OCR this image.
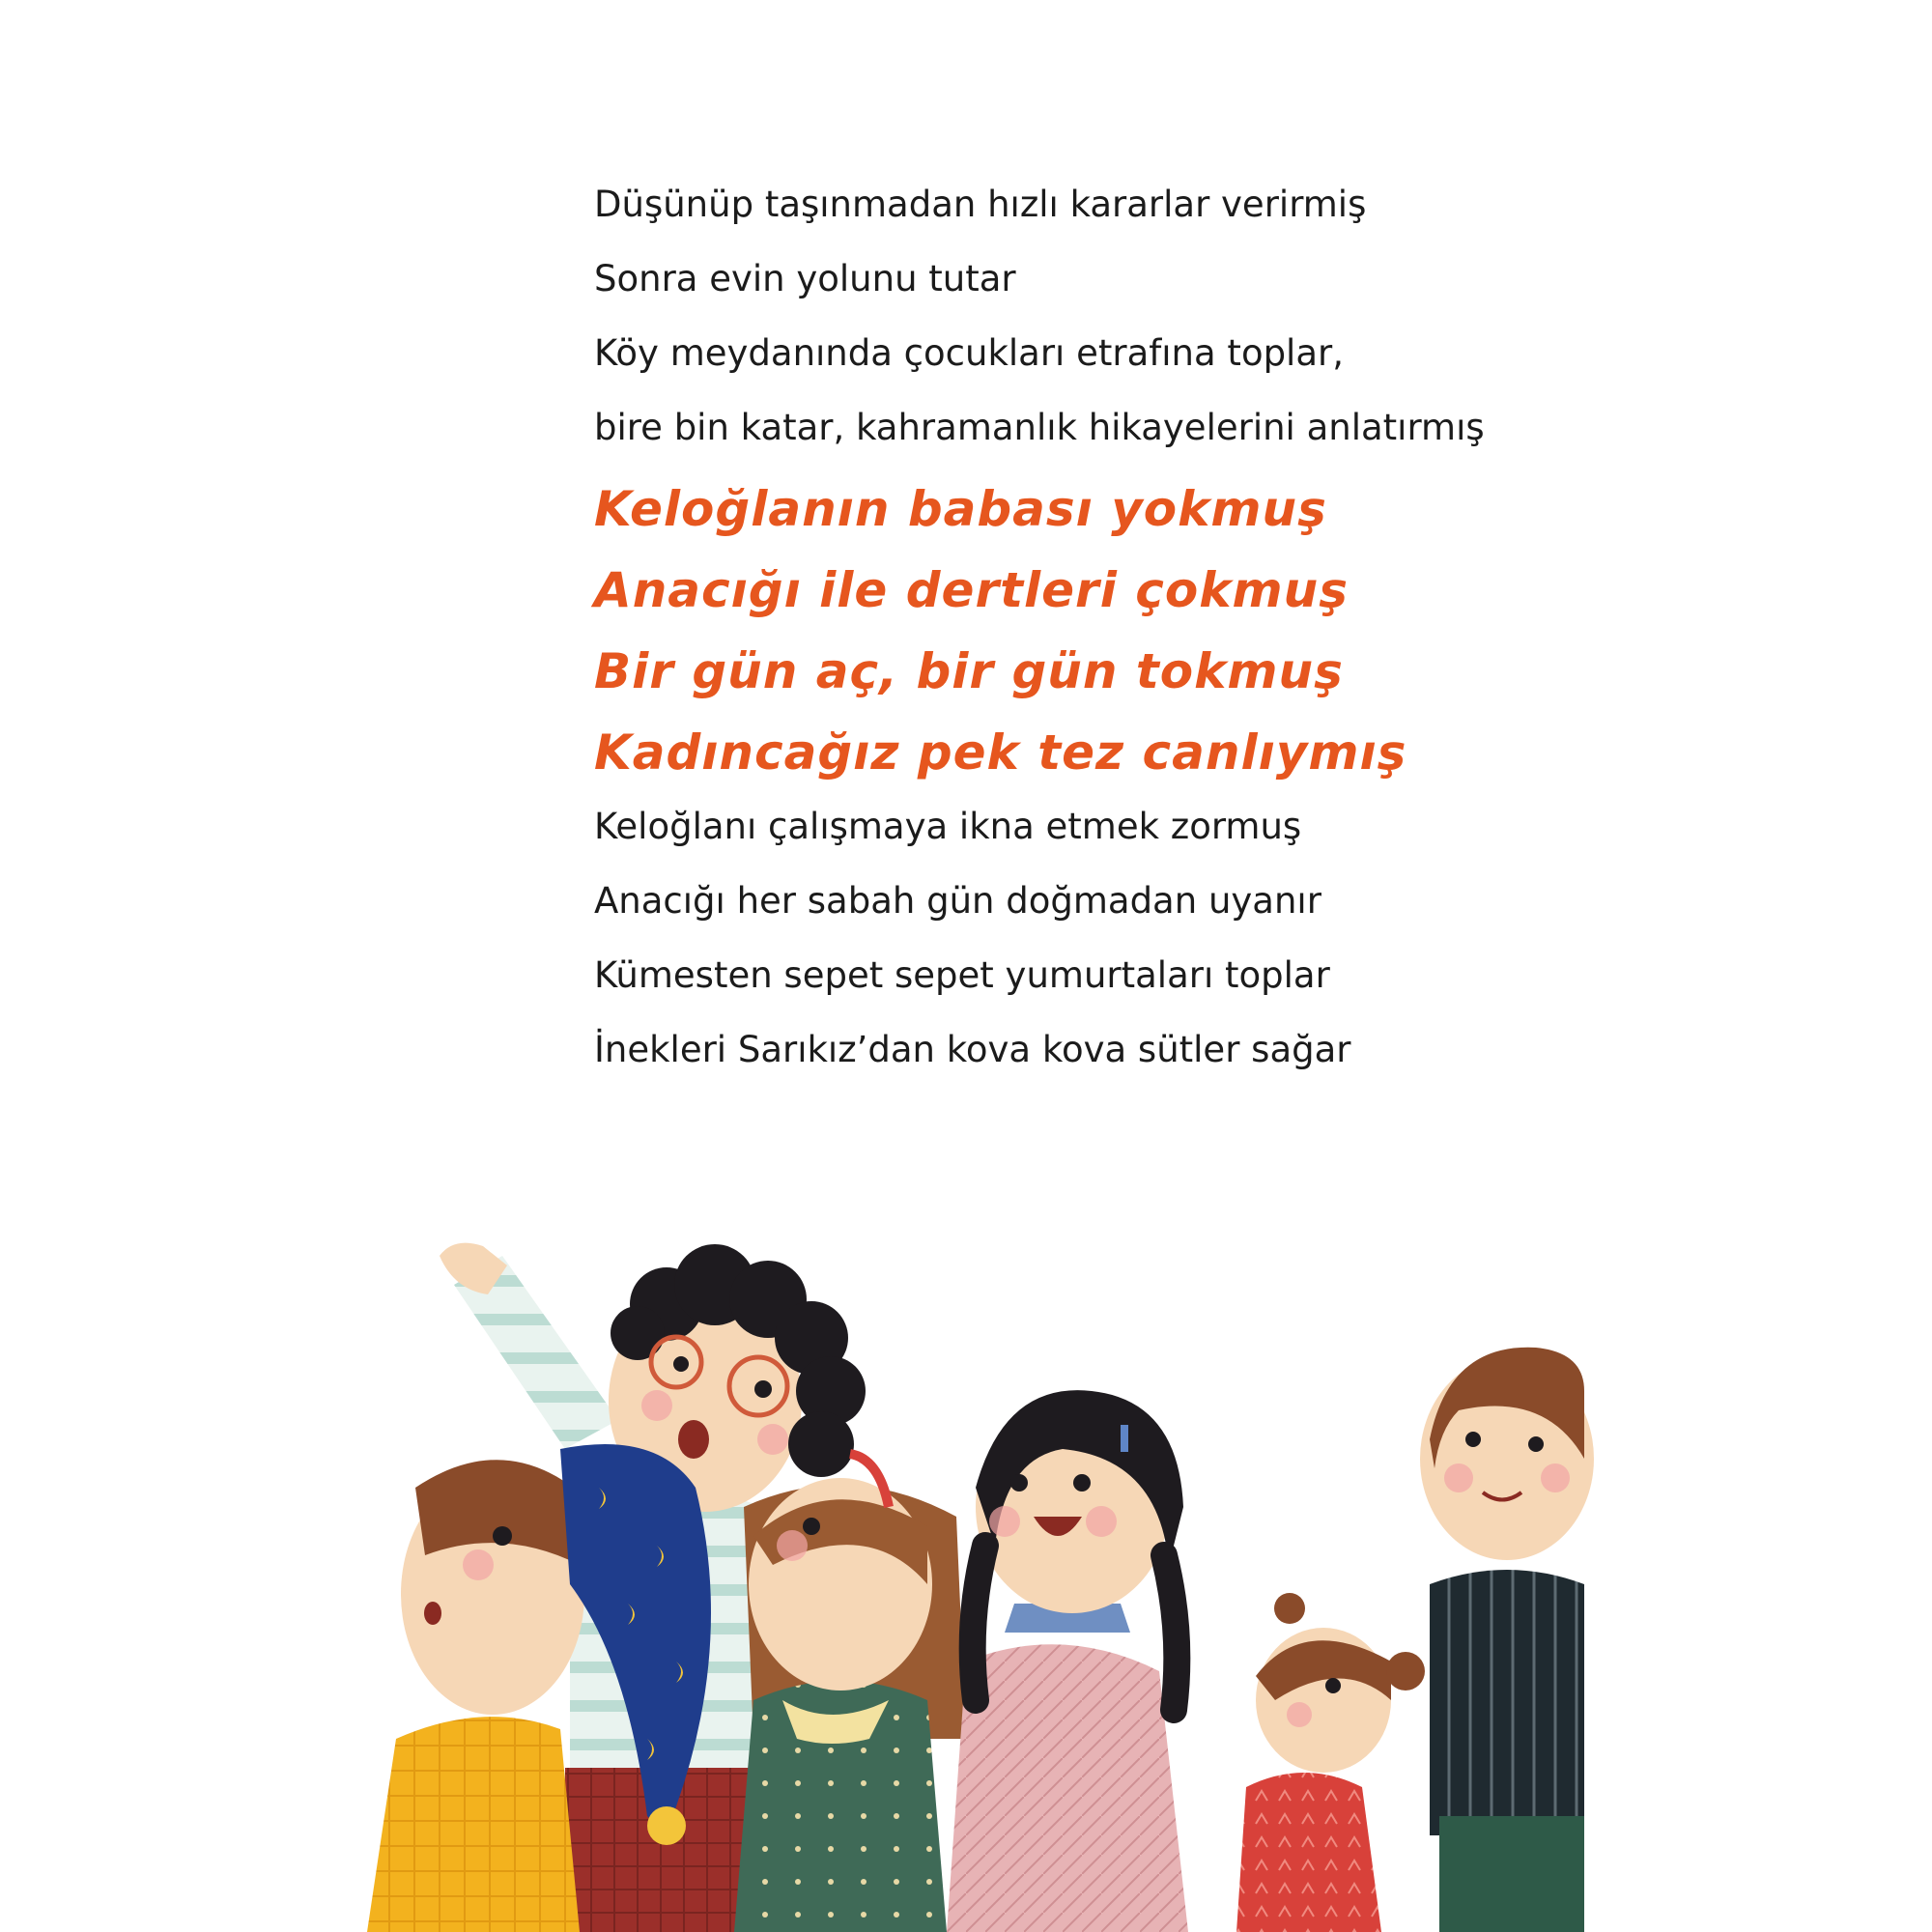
Düşünüp taşınmadan hızlı kararlar verirmiş
Sonra evin yolunu tutar
Köy meydanında çocukları etrafına toplar,
bire bin katar, kahramanlık hikayelerini anlatırmış
Keloğlanın babası yokmuş
Anacığı ile dertleri çokmuş
Bir gün aç, bir gün tokmuş
Kadıncağız pek tez canlıymış
Keloğlanı çalışmaya ikna etmek zormuş
Anacığı her sabah gün doğmadan uyanır
Kümesten sepet sepet yumurtaları toplar
İnekleri Sarıkız’dan kova kova sütler sağar
